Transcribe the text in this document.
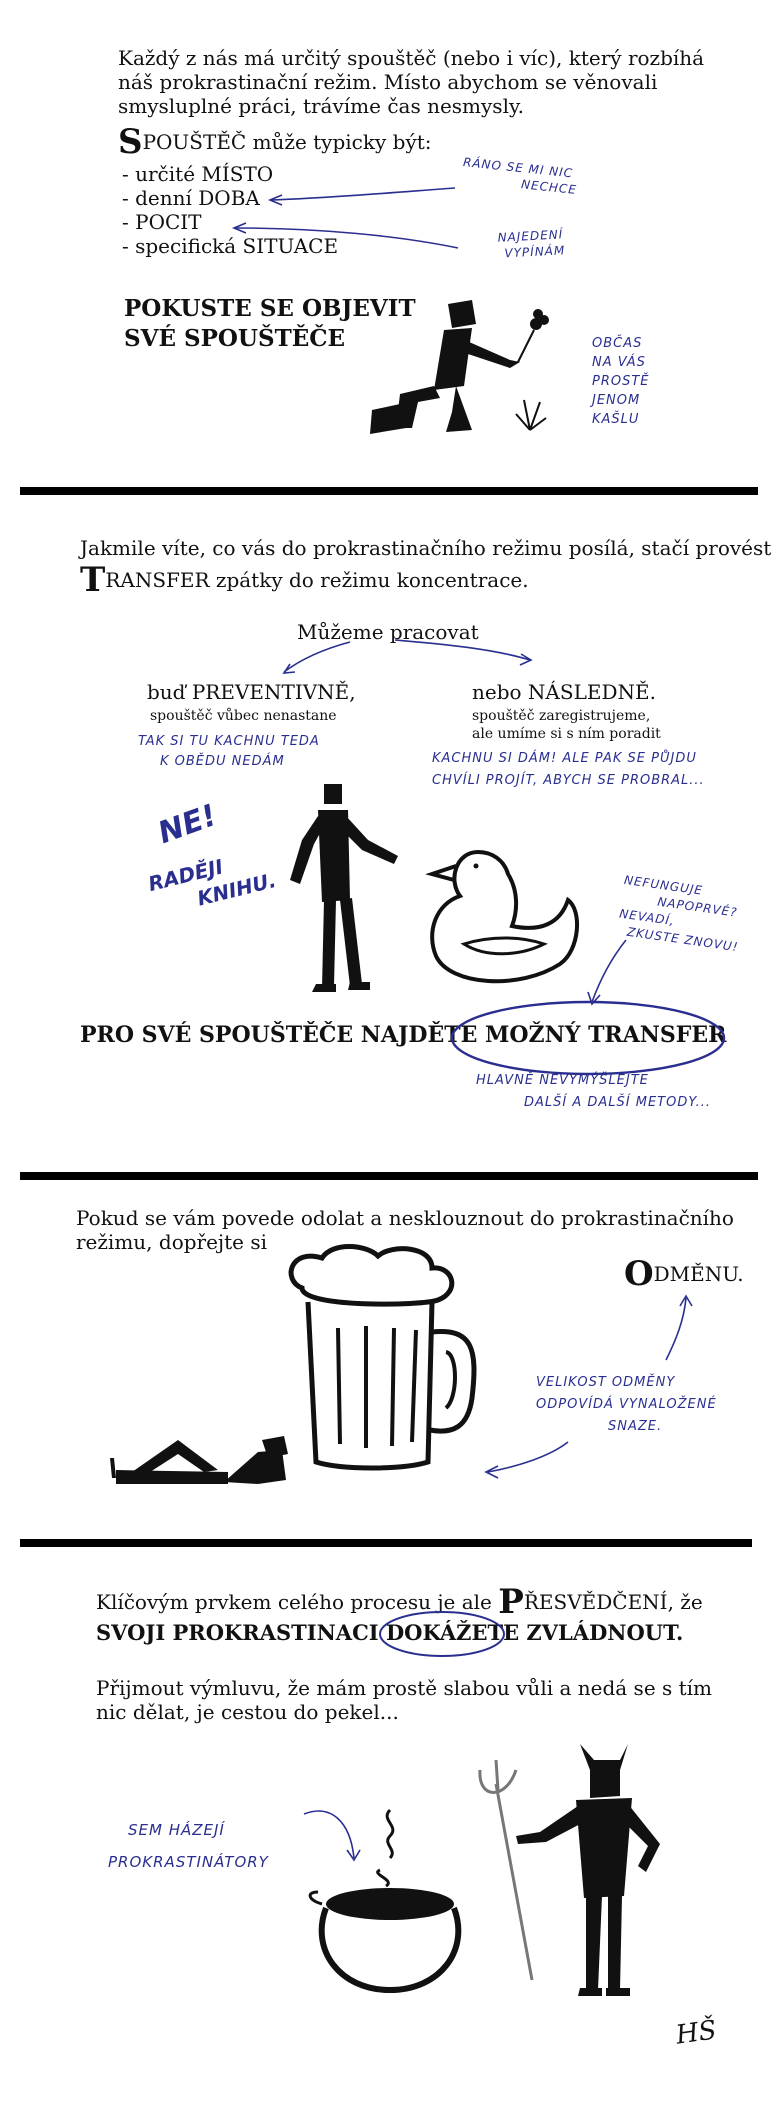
Každý z nás má určitý spouštěč (nebo i víc), který rozbíhá
náš prokrastinační režim. Místo abychom se věnovali
smysluplné práci, trávíme čas nesmysly.
SPOUŠTĚČ může typicky být:
- určité MÍSTO
- denní DOBA
- POCIT
- specifická SITUACE
RÁNO SE MI NIC
NECHCE
NAJEDENÍ
VYPÍNÁM
POKUSTE SE OBJEVIT
SVÉ SPOUŠTĚČE	OBČAS
NA VÁS
PROSTĚ
JENOM
KAŠLU
Jakmile víte, co vás do prokrastinačního režimu posílá, stačí provést
TRANSFER zpátky do režimu koncentrace.
Můžeme pracovat
buď PREVENTIVNĚ,
spouštěč vůbec nenastane
nebo NÁSLEDNĚ.
spouštěč zaregistrujeme,
ale umíme si s ním poradit
TAK SI TU KACHNU TEDA
K OBĚDU NEDÁM	KACHNU SI DÁM! ALE PAK SE PŮJDU
CHVÍLI PROJÍT, ABYCH SE PROBRAL...
NE!
RADĚJI
KNIHU.	NEFUNGUJE
NAPOPRVÉ?
NEVADÍ,
ZKUSTE ZNOVU!
PRO SVÉ SPOUŠTĚČE NAJDĚTE MOŽNÝ TRANSFER
HLAVNĚ NEVYMÝŠLEJTE
DALŠÍ A DALŠÍ METODY...
Pokud se vám povede odolat a nesklouznout do prokrastinačního
režimu, dopřejte si
ODMĚNU.
VELIKOST ODMĚNY
ODPOVÍDÁ VYNALOŽENÉ
SNAZE.
Klíčovým prvkem celého procesu je ale PŘESVĚDČENÍ, že
SVOJI PROKRASTINACI DOKÁŽETE ZVLÁDNOUT.
Přijmout výmluvu, že mám prostě slabou vůli a nedá se s tím
nic dělat, je cestou do pekel...
SEM HÁZEJÍ
PROKRASTINÁTORY
HŠ
